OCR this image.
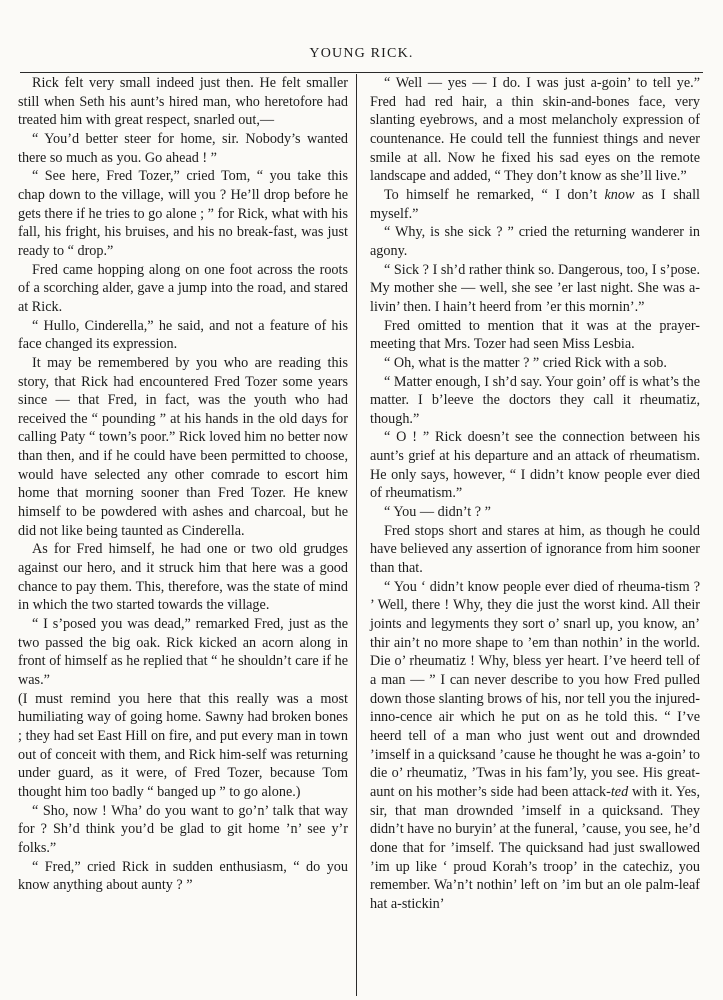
YOUNG RICK.

Rick felt very small indeed just then. He felt smaller still when Seth his aunt’s hired man, who heretofore had treated him with great respect, snarled out,—

“ You’d better steer for home, sir. Nobody’s wanted there so much as you. Go ahead ! ”

“ See here, Fred Tozer,” cried Tom, “ you take this chap down to the village, will you ? He’ll drop before he gets there if he tries to go alone ; ” for Rick, what with his fall, his fright, his bruises, and his no break-fast, was just ready to “ drop.”

Fred came hopping along on one foot across the roots of a scorching alder, gave a jump into the road, and stared at Rick.

“ Hullo, Cinderella,” he said, and not a feature of his face changed its expression.

It may be remembered by you who are reading this story, that Rick had encountered Fred Tozer some years since — that Fred, in fact, was the youth who had received the “ pounding ” at his hands in the old days for calling Paty “ town’s poor.” Rick loved him no better now than then, and if he could have been permitted to choose, would have selected any other comrade to escort him home that morning sooner than Fred Tozer. He knew himself to be powdered with ashes and charcoal, but he did not like being taunted as Cinderella.

As for Fred himself, he had one or two old grudges against our hero, and it struck him that here was a good chance to pay them. This, therefore, was the state of mind in which the two started towards the village.

“ I s’posed you was dead,” remarked Fred, just as the two passed the big oak. Rick kicked an acorn along in front of himself as he replied that “ he shouldn’t care if he was.”

(I must remind you here that this really was a most humiliating way of going home. Sawny had broken bones ; they had set East Hill on fire, and put every man in town out of conceit with them, and Rick him-self was returning under guard, as it were, of Fred Tozer, because Tom thought him too badly “ banged up ” to go alone.)

“ Sho, now ! Wha’ do you want to go’n’ talk that way for ? Sh’d think you’d be glad to git home ’n’ see y’r folks.”

“ Fred,” cried Rick in sudden enthusiasm, “ do you know anything about aunty ? ”

“ Well — yes — I do. I was just a-goin’ to tell ye.” Fred had red hair, a thin skin-and-bones face, very slanting eyebrows, and a most melancholy expression of countenance. He could tell the funniest things and never smile at all. Now he fixed his sad eyes on the remote landscape and added, “ They don’t know as she’ll live.”

To himself he remarked, “ I don’t know as I shall myself.”

“ Why, is she sick ? ” cried the returning wanderer in agony.

“ Sick ? I sh’d rather think so. Dangerous, too, I s’pose. My mother she — well, she see ’er last night. She was a-livin’ then. I hain’t heerd from ’er this mornin’.”

Fred omitted to mention that it was at the prayer-meeting that Mrs. Tozer had seen Miss Lesbia.

“ Oh, what is the matter ? ” cried Rick with a sob.

“ Matter enough, I sh’d say. Your goin’ off is what’s the matter. I b’leeve the doctors they call it rheumatiz, though.”

“ O ! ” Rick doesn’t see the connection between his aunt’s grief at his departure and an attack of rheumatism. He only says, however, “ I didn’t know people ever died of rheumatism.”

“ You — didn’t ? ”

Fred stops short and stares at him, as though he could have believed any assertion of ignorance from him sooner than that.

“ You ‘ didn’t know people ever died of rheuma-tism ? ’ Well, there ! Why, they die just the worst kind. All their joints and legyments they sort o’ snarl up, you know, an’ thir ain’t no more shape to ’em than nothin’ in the world. Die o’ rheumatiz ! Why, bless yer heart. I’ve heerd tell of a man — ” I can never describe to you how Fred pulled down those slanting brows of his, nor tell you the injured-inno-cence air which he put on as he told this. “ I’ve heerd tell of a man who just went out and drownded ’imself in a quicksand ’cause he thought he was a-goin’ to die o’ rheumatiz, ’Twas in his fam’ly, you see. His great-aunt on his mother’s side had been attack-ted with it. Yes, sir, that man drownded ’imself in a quicksand. They didn’t have no buryin’ at the funeral, ’cause, you see, he’d done that for ’imself. The quicksand had just swallowed ’im up like ‘ proud Korah’s troop’ in the catechiz, you remember. Wa’n’t nothin’ left on ’im but an ole palm-leaf hat a-stickin’
